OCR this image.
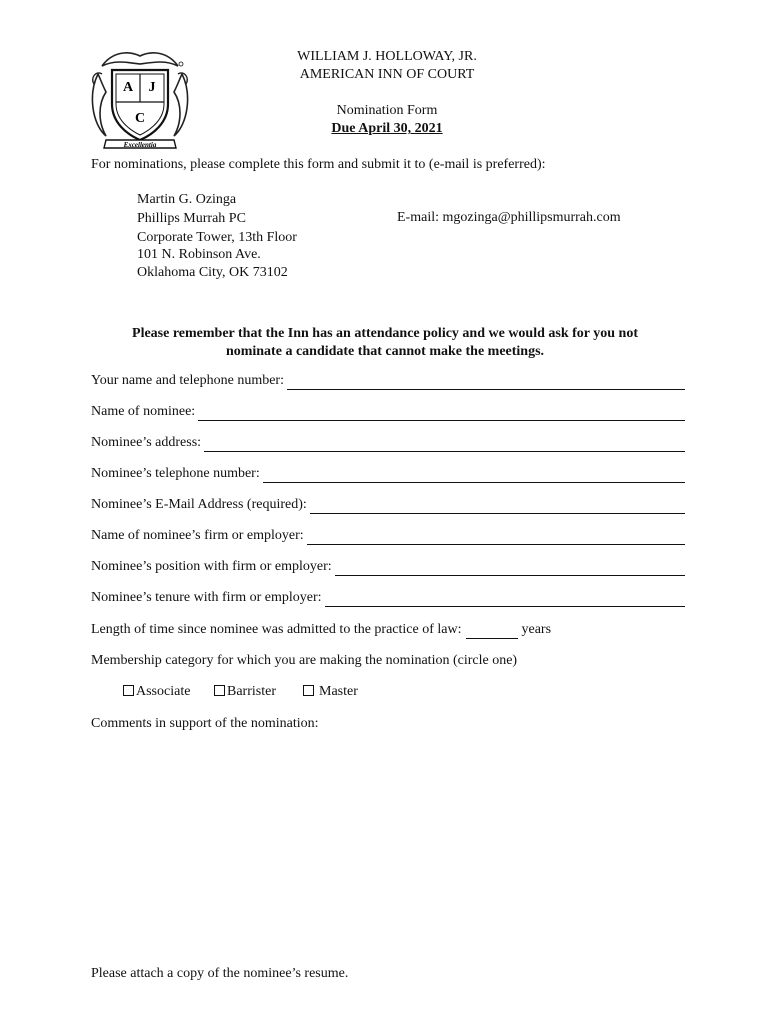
A J
C
Excellentia
WILLIAM J. HOLLOWAY, JR.
AMERICAN INN OF COURT
Nomination Form
Due April 30, 2021
For nominations, please complete this form and submit it to (e-mail is preferred):
Martin G. Ozinga
Phillips Murrah PC
Corporate Tower, 13th Floor
101 N. Robinson Ave.
Oklahoma City, OK 73102
E-mail: mgozinga@phillipsmurrah.com
Please remember that the Inn has an attendance policy and we would ask for you not
nominate a candidate that cannot make the meetings.
Your name and telephone number:
Name of nominee:
Nominee’s address:
Nominee’s telephone number:
Nominee’s E-Mail Address (required):
Name of nominee’s firm or employer:
Nominee’s position with firm or employer:
Nominee’s tenure with firm or employer:
Length of time since nominee was admitted to the practice of law:	years
Membership category for which you are making the nomination (circle one)
Associate	Barrister	Master
Comments in support of the nomination:
Please attach a copy of the nominee’s resume.
